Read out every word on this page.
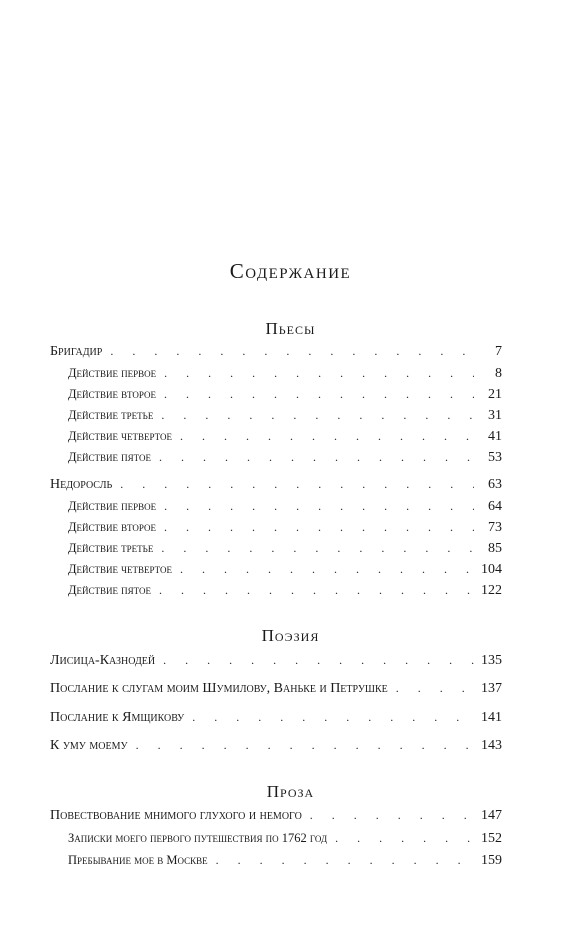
Содержание
Пьесы
Бригадир . . .	7
Действие первое . . .	8
Действие второе . . .	21
Действие третье . . .	31
Действие четвертое . . .	41
Действие пятое . . .	53
Недоросль . . .	63
Действие первое . . .	64
Действие второе . . .	73
Действие третье . . .	85
Действие четвертое . . .	104
Действие пятое . . .	122
Поэзия
Лисица-Казнодей . . .	135
Послание к слугам моим Шумилову, Ваньке и Петрушке . . .	137
Послание к Ямщикову . . .	141
К уму моему . . .	143
Проза
Повествование мнимого глухого и немого . . .	147
Записки моего первого путешествия по 1762 год . . .	152
Пребывание мое в Москве . . .	159
